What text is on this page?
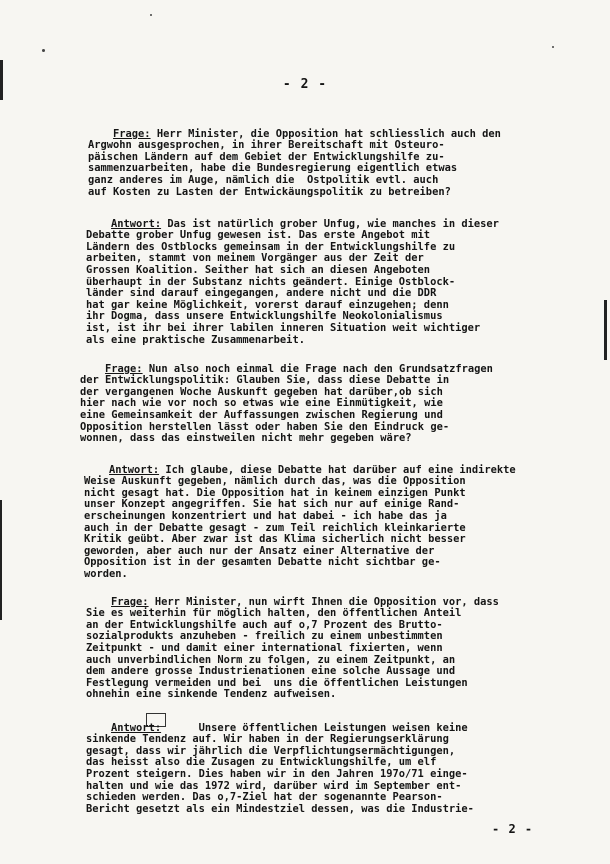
- 2 -

Frage: Herr Minister, die Opposition hat schliesslich auch den
Argwohn ausgesprochen, in ihrer Bereitschaft mit Osteuro-
päischen Ländern auf dem Gebiet der Entwicklungshilfe zu-
sammenzuarbeiten, habe die Bundesregierung eigentlich etwas
ganz anderes im Auge, nämlich die  Ostpolitik evtl. auch
auf Kosten zu Lasten der Entwickäungspolitik zu betreiben?

Antwort: Das ist natürlich grober Unfug, wie manches in dieser
Debatte grober Unfug gewesen ist. Das erste Angebot mit
Ländern des Ostblocks gemeinsam in der Entwicklungshilfe zu
arbeiten, stammt von meinem Vorgänger aus der Zeit der
Grossen Koalition. Seither hat sich an diesen Angeboten
überhaupt in der Substanz nichts geändert. Einige Ostblock-
länder sind darauf eingegangen, andere nicht und die DDR
hat gar keine Möglichkeit, vorerst darauf einzugehen; denn
ihr Dogma, dass unsere Entwicklungshilfe Neokolonialismus
ist, ist ihr bei ihrer labilen inneren Situation weit wichtiger
als eine praktische Zusammenarbeit.

Frage: Nun also noch einmal die Frage nach den Grundsatzfragen
der Entwicklungspolitik: Glauben Sie, dass diese Debatte in
der vergangenen Woche Auskunft gegeben hat darüber,ob sich
hier nach wie vor noch so etwas wie eine Einmütigkeit, wie
eine Gemeinsamkeit der Auffassungen zwischen Regierung und
Opposition herstellen lässt oder haben Sie den Eindruck ge-
wonnen, dass das einstweilen nicht mehr gegeben wäre?

Antwort: Ich glaube, diese Debatte hat darüber auf eine indirekte
Weise Auskunft gegeben, nämlich durch das, was die Opposition
nicht gesagt hat. Die Opposition hat in keinem einzigen Punkt
unser Konzept angegriffen. Sie hat sich nur auf einige Rand-
erscheinungen konzentriert und hat dabei - ich habe das ja
auch in der Debatte gesagt - zum Teil reichlich kleinkarierte
Kritik geübt. Aber zwar ist das Klima sicherlich nicht besser
geworden, aber auch nur der Ansatz einer Alternative der
Opposition ist in der gesamten Debatte nicht sichtbar ge-
worden.

Frage: Herr Minister, nun wirft Ihnen die Opposition vor, dass
Sie es weiterhin für möglich halten, den öffentlichen Anteil
an der Entwicklungshilfe auch auf o,7 Prozent des Brutto-
sozialprodukts anzuheben - freilich zu einem unbestimmten
Zeitpunkt - und damit einer international fixierten, wenn
auch unverbindlichen Norm zu folgen, zu einem Zeitpunkt, an
dem andere grosse Industrienationen eine solche Aussage und
Festlegung vermeiden und bei  uns die öffentlichen Leistungen
ohnehin eine sinkende Tendenz aufweisen.

Antwort:      Unsere öffentlichen Leistungen weisen keine
sinkende Tendenz auf. Wir haben in der Regierungserklärung
gesagt, dass wir jährlich die Verpflichtungsermächtigungen,
das heisst also die Zusagen zu Entwicklungshilfe, um elf
Prozent steigern. Dies haben wir in den Jahren 197o/71 einge-
halten und wie das 1972 wird, darüber wird im September ent-
schieden werden. Das o,7-Ziel hat der sogenannte Pearson-
Bericht gesetzt als ein Mindestziel dessen, was die Industrie-
- 2 -
